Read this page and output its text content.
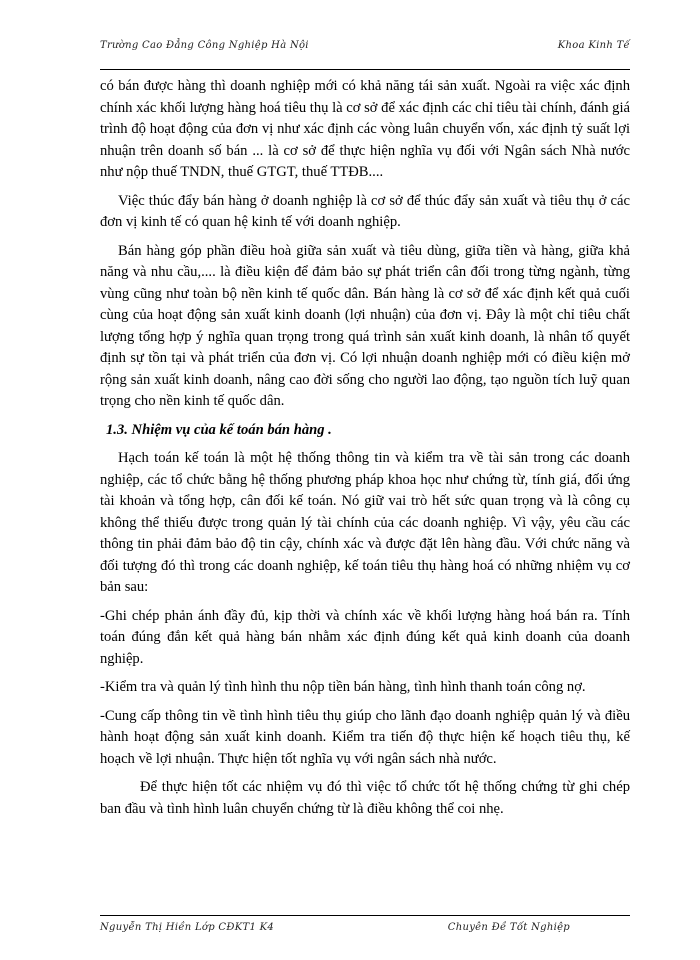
Trường Cao Đẳng Công Nghiệp Hà Nội	Khoa Kinh Tế

có bán được hàng thì doanh nghiệp mới có khả năng tái sản xuất. Ngoài ra việc xác định chính xác khối lượng hàng hoá tiêu thụ là cơ sở để xác định các chỉ tiêu tài chính, đánh giá trình độ hoạt động của đơn vị như xác định các vòng luân chuyển vốn, xác định tỷ suất lợi nhuận trên doanh số bán ... là cơ sở để thực hiện nghĩa vụ đối với Ngân sách Nhà nước như nộp thuế TNDN, thuế GTGT, thuế TTĐB....

Việc thúc đẩy bán hàng ở doanh nghiệp là cơ sở để thúc đẩy sản xuất và tiêu thụ ở các đơn vị kinh tế có quan hệ kinh tế với doanh nghiệp.

Bán hàng góp phần điều hoà giữa sản xuất và tiêu dùng, giữa tiền và hàng, giữa khả năng và nhu cầu,.... là điều kiện để đảm bảo sự phát triển cân đối trong từng ngành, từng vùng cũng như toàn bộ nền kinh tế quốc dân. Bán hàng là cơ sở để xác định kết quả cuối cùng của hoạt động sản xuất kinh doanh (lợi nhuận) của đơn vị. Đây là một chỉ tiêu chất lượng tổng hợp ý nghĩa quan trọng trong quá trình sản xuất kinh doanh, là nhân tố quyết định sự tồn tại và phát triển của đơn vị. Có lợi nhuận doanh nghiệp mới có điều kiện mở rộng sản xuất kinh doanh, nâng cao đời sống cho người lao động, tạo nguồn tích luỹ quan trọng cho nền kinh tế quốc dân.

1.3. Nhiệm vụ của kế toán bán hàng .

Hạch toán kế toán là một hệ thống thông tin và kiểm tra về tài sản trong các doanh nghiệp, các tổ chức bằng hệ thống phương pháp khoa học như chứng từ, tính giá, đối ứng tài khoản và tổng hợp, cân đối kế toán. Nó giữ vai trò hết sức quan trọng và là công cụ không thể thiếu được trong quản lý tài chính của các doanh nghiệp. Vì vậy, yêu cầu các thông tin phải đảm bảo độ tin cậy, chính xác và được đặt lên hàng đầu. Với chức năng và đối tượng đó thì trong các doanh nghiệp, kế toán tiêu thụ hàng hoá có những nhiệm vụ cơ bản sau:

-Ghi chép phản ánh đầy đủ, kịp thời và chính xác về khối lượng hàng hoá bán ra. Tính toán đúng đắn kết quả hàng bán nhằm xác định đúng kết quả kinh doanh của doanh nghiệp.

-Kiểm tra và quản lý tình hình thu nộp tiền bán hàng, tình hình thanh toán công nợ.

-Cung cấp thông tin về tình hình tiêu thụ giúp cho lãnh đạo doanh nghiệp quản lý và điều hành hoạt động sản xuất kinh doanh. Kiểm tra tiến độ thực hiện kế hoạch tiêu thụ, kế hoạch về lợi nhuận. Thực hiện tốt nghĩa vụ với ngân sách nhà nước.

Để thực hiện tốt các nhiệm vụ đó thì việc tổ chức tốt hệ thống chứng từ ghi chép ban đầu và tình hình luân chuyển chứng từ là điều không thể coi nhẹ.

Nguyễn Thị Hiền Lớp CĐKT1 K4	Chuyên Đề Tốt Nghiệp
